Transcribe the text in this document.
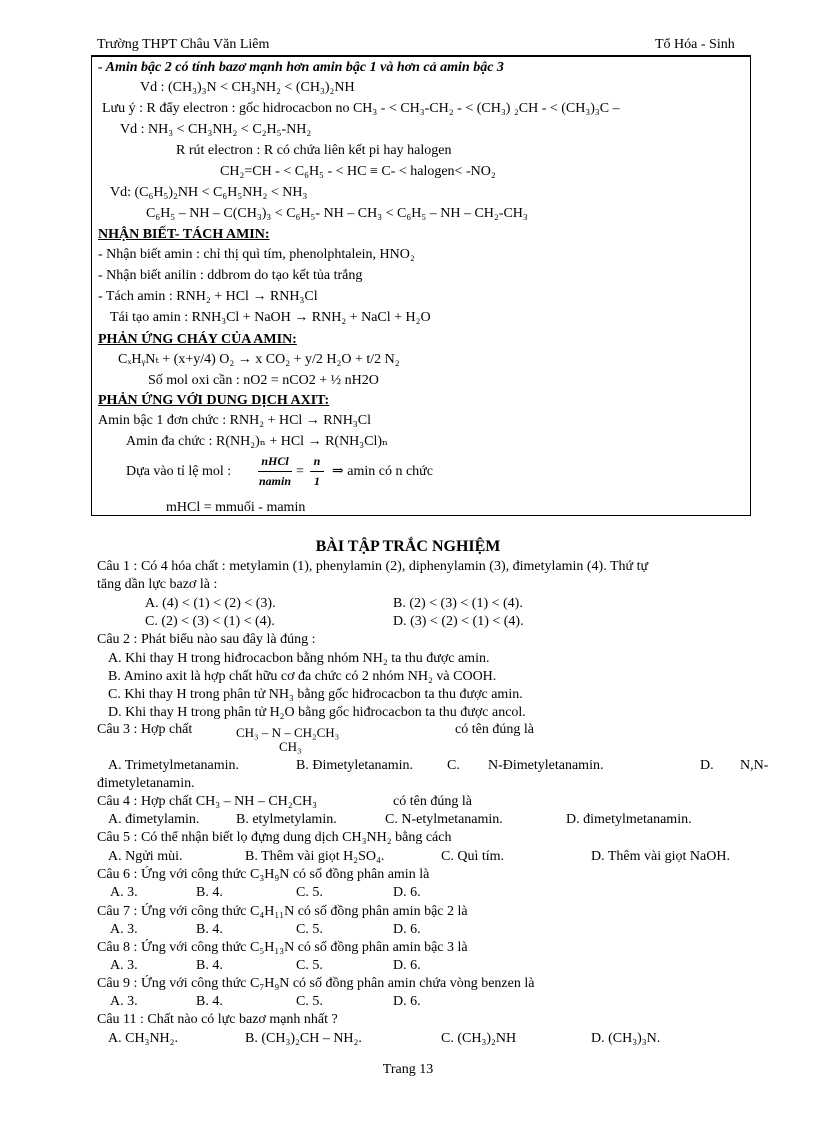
Trường THPT Châu Văn Liêm	Tổ Hóa - Sinh
- Amin bậc 2 có tính bazơ mạnh hơn amin bậc 1 và hơn cả amin bậc 3
Vd : (CH₃)₃N < CH₃NH₂ < (CH₃)₂NH
Lưu ý : R đẩy electron : gốc hidrocacbon no CH₃ - < CH₃-CH₂ - < (CH₃) ₂CH - < (CH₃)₃C –
Vd : NH₃ < CH₃NH₂ < C₂H₅-NH₂
R rút electron : R có chứa liên kết pi hay halogen
CH₂=CH - < C₆H₅ - < HC ≡ C- < halogen< -NO₂
Vd: (C₆H₅)₂NH < C₆H₅NH₂ < NH₃
C₆H₅ – NH – C(CH₃)₃ < C₆H₅- NH – CH₃ < C₆H₅ – NH – CH₂-CH₃
NHẬN BIẾT- TÁCH AMIN:
- Nhận biết amin : chỉ thị quì tím, phenolphtalein, HNO₂
- Nhận biết anilin : ddbrom do tạo kết tủa trắng
- Tách amin : RNH₂ + HCl → RNH₃Cl
Tái tạo amin : RNH₃Cl + NaOH → RNH₂ + NaCl + H₂O
PHẢN ỨNG CHÁY CỦA AMIN:
CₓHᵧNₜ + (x+y/4) O₂ → x CO₂ + y/2 H₂O + t/2 N₂
Số mol oxi cần : nO2 = nCO2 + ½ nH2O
PHẢN ỨNG VỚI DUNG DỊCH AXIT:
Amin bậc 1 đơn chức : RNH₂ + HCl → RNH₃Cl
Amin đa chức : R(NH₂)ₙ + HCl → R(NH₃Cl)ₙ
Dựa vào tỉ lệ mol :
nHCl
namin
=
n
1
⇒ amin có n chức
mHCl = mmuối - mamin
BÀI TẬP TRẮC NGHIỆM
Câu 1 : Có 4 hóa chất : metylamin (1), phenylamin (2), diphenylamin (3), đimetylamin (4). Thứ tự
tăng dần lực bazơ là :
A. (4) < (1) < (2) < (3).	B. (2) < (3) < (1) < (4).
C. (2) < (3) < (1) < (4).	D. (3) < (2) < (1) < (4).
Câu 2 : Phát biểu nào sau đây là đúng :
A. Khi thay H trong hiđrocacbon bằng nhóm NH₂ ta thu được amin.
B. Amino axit là hợp chất hữu cơ đa chức có 2 nhóm NH₂ và COOH.
C. Khi thay H trong phân tử NH₃ bằng gốc hiđrocacbon ta thu được amin.
D. Khi thay H trong phân tử H₂O bằng gốc hiđrocacbon ta thu được ancol.
Câu 3 : Hợp chất	CH₃ – N – CH₂CH₃
CH₃
có tên đúng là
A. Trimetylmetanamin.	B. Đimetyletanamin. C. N-Đimetyletanamin.	D. N,N-
đimetyletanamin.
Câu 4 : Hợp chất CH₃ – NH – CH₂CH₃	có tên đúng là
A. đimetylamin.	B. etylmetylamin.	C. N-etylmetanamin.	D. đimetylmetanamin.
Câu 5 : Có thể nhận biết lọ đựng dung dịch CH₃NH₂ bằng cách
A. Ngửi mùi.	B. Thêm vài giọt H₂SO₄.	C. Quì tím.	D. Thêm vài giọt NaOH.
Câu 6 : Ứng với công thức C₃H₉N có số đồng phân amin là
A. 3.	B. 4.	C. 5.	D. 6.
Câu 7 : Ứng với công thức C₄H₁₁N có số đồng phân amin bậc 2 là
A. 3.	B. 4.	C. 5.	D. 6.
Câu 8 : Ứng với công thức C₅H₁₃N có số đồng phân amin bậc 3 là
A. 3.	B. 4.	C. 5.	D. 6.
Câu 9 : Ứng với công thức C₇H₉N có số đồng phân amin chứa vòng benzen là
A. 3.	B. 4.	C. 5.	D. 6.
Câu 11 : Chất nào có lực bazơ mạnh nhất ?
A. CH₃NH₂.	B. (CH₃)₂CH – NH₂.	C. (CH₃)₂NH	D. (CH₃)₃N.
Trang 13
